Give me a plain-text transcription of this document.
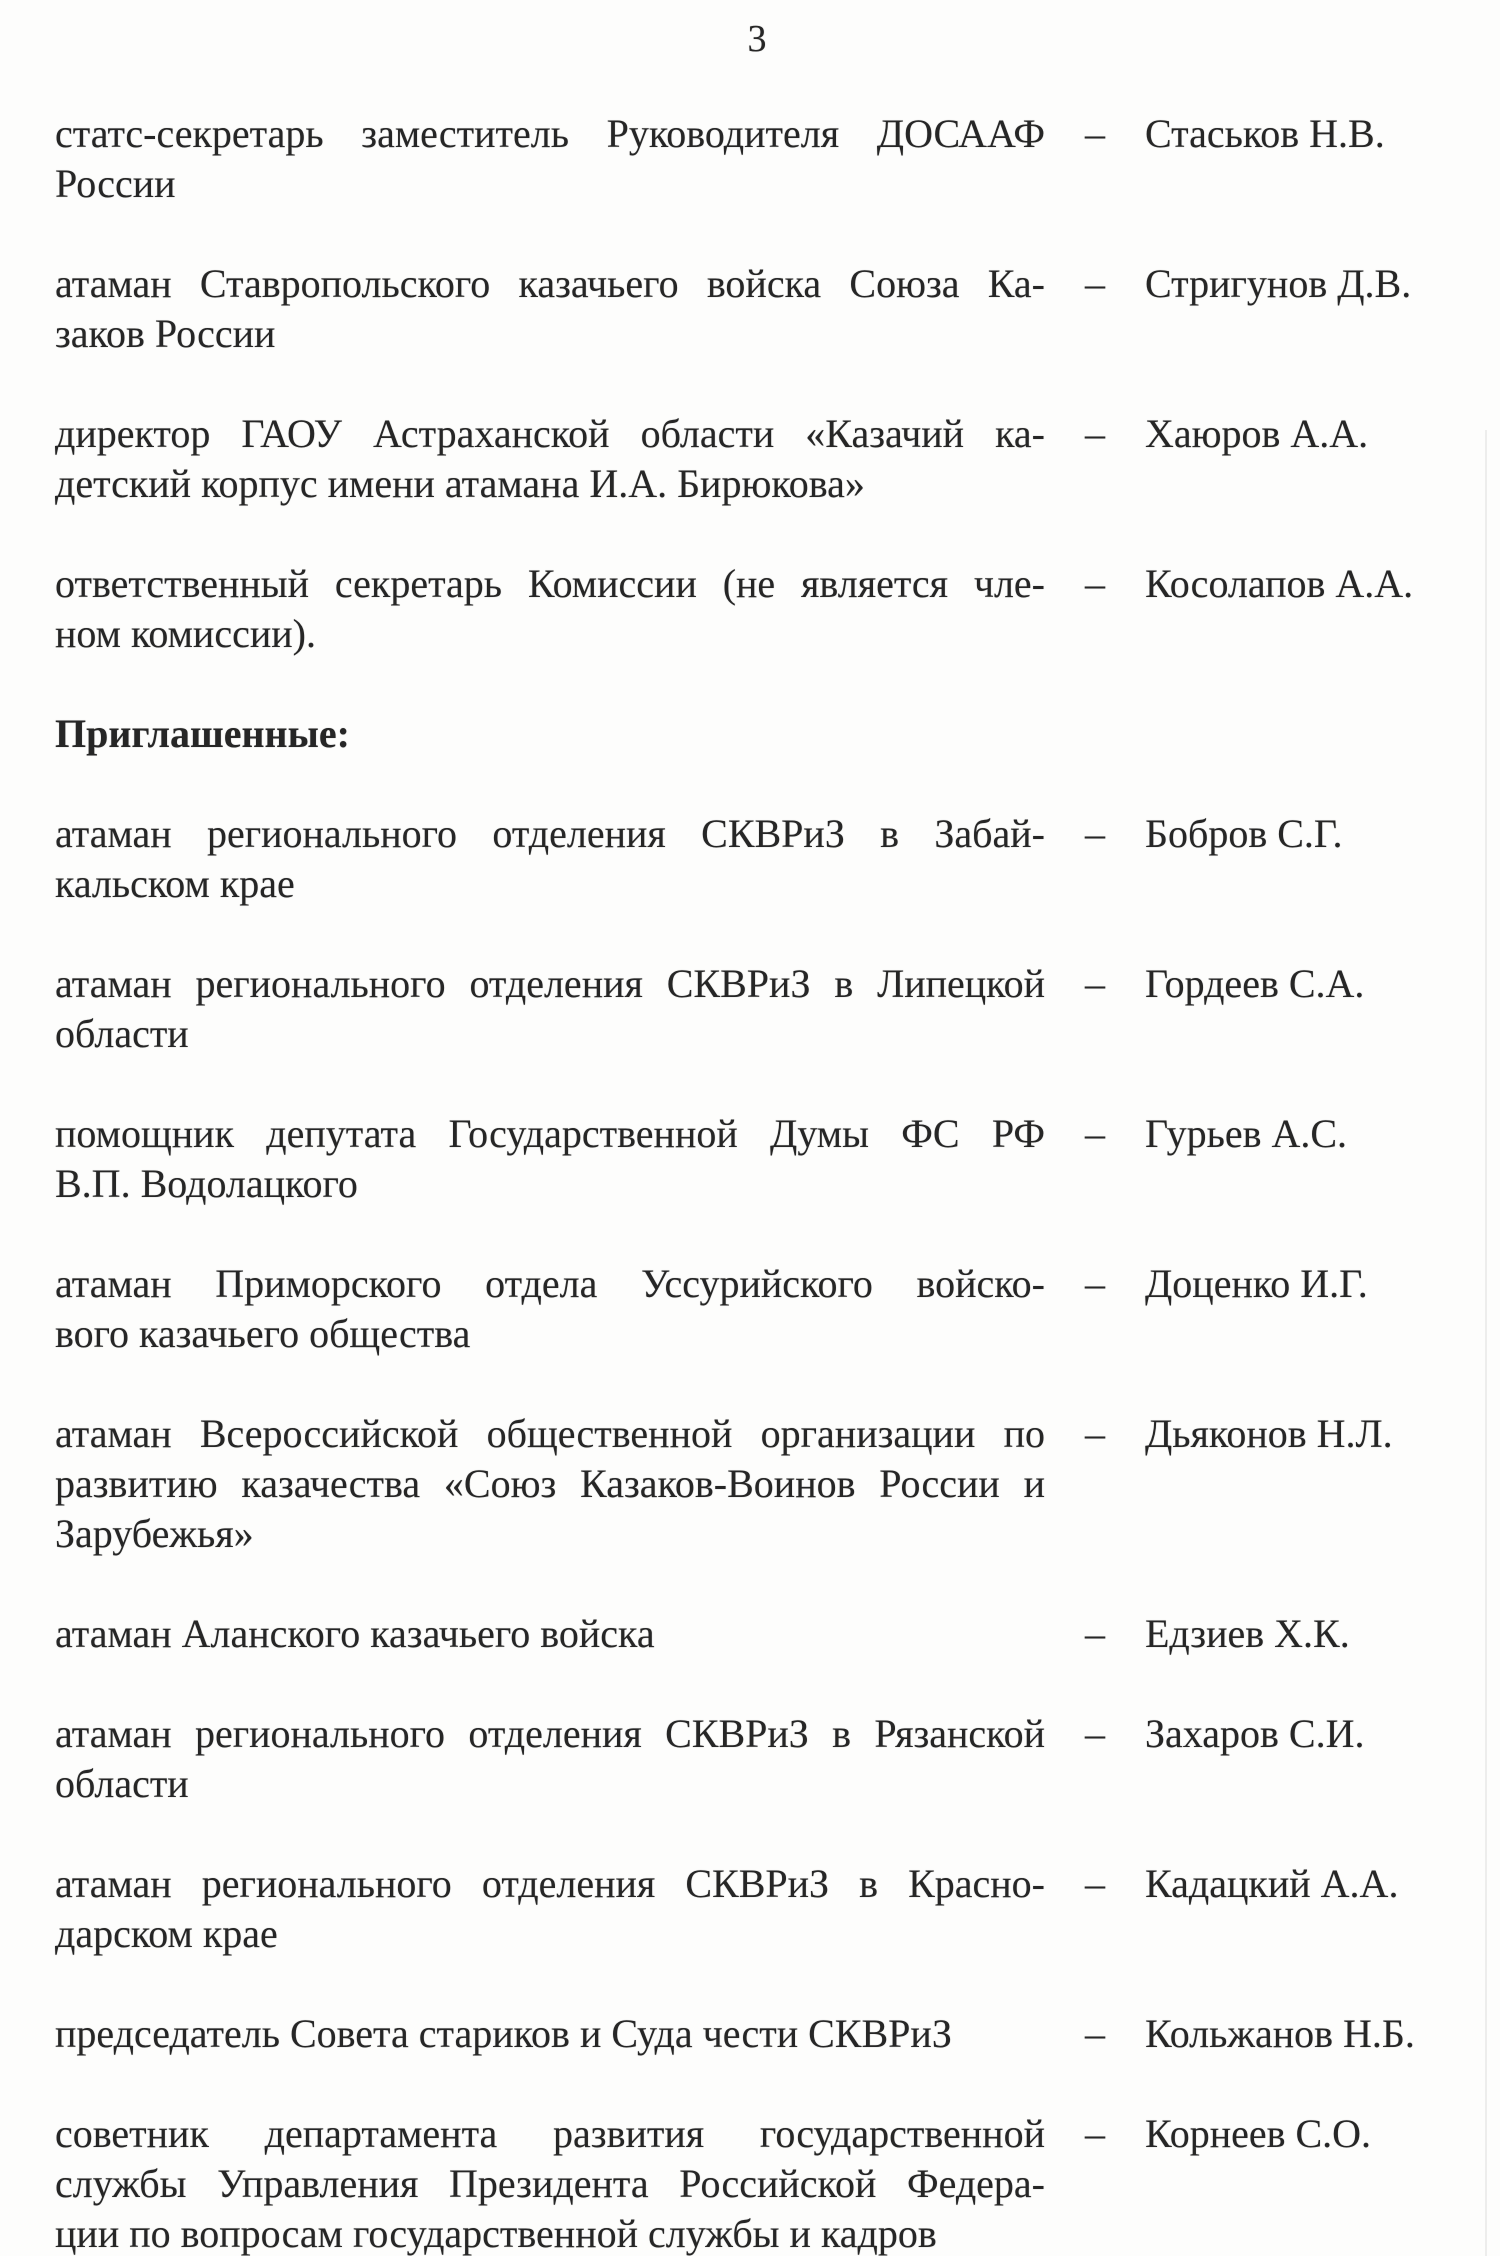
3
статс-секретарь заместитель Руководителя ДОСААФ
России
–	Стаськов Н.В.
атаман Ставропольского казачьего войска Союза Ка-
заков России
–	Стригунов Д.В.
директор ГАОУ Астраханской области «Казачий ка-
детский корпус имени атамана И.А. Бирюкова»
–	Хаюров А.А.
ответственный секретарь Комиссии (не является чле-
ном комиссии).
–	Косолапов А.А.
Приглашенные:
атаман регионального отделения СКВРиЗ в Забай-
кальском крае
–	Бобров С.Г.
атаман регионального отделения СКВРиЗ в Липецкой
области
–	Гордеев С.А.
помощник депутата Государственной Думы ФС РФ
В.П. Водолацкого
–	Гурьев А.С.
атаман Приморского отдела Уссурийского войско-
вого казачьего общества
–	Доценко И.Г.
атаман Всероссийской общественной организации по
развитию казачества «Союз Казаков-Воинов России и
Зарубежья»
–	Дьяконов Н.Л.
атаман Аланского казачьего войска	–	Едзиев Х.К.
атаман регионального отделения СКВРиЗ в Рязанской
области
–	Захаров С.И.
атаман регионального отделения СКВРиЗ в Красно-
дарском крае
–	Кадацкий А.А.
председатель Совета стариков и Суда чести СКВРиЗ	–	Кольжанов Н.Б.
советник департамента развития государственной
службы Управления Президента Российской Федера-
ции по вопросам государственной службы и кадров
–	Корнеев С.О.
